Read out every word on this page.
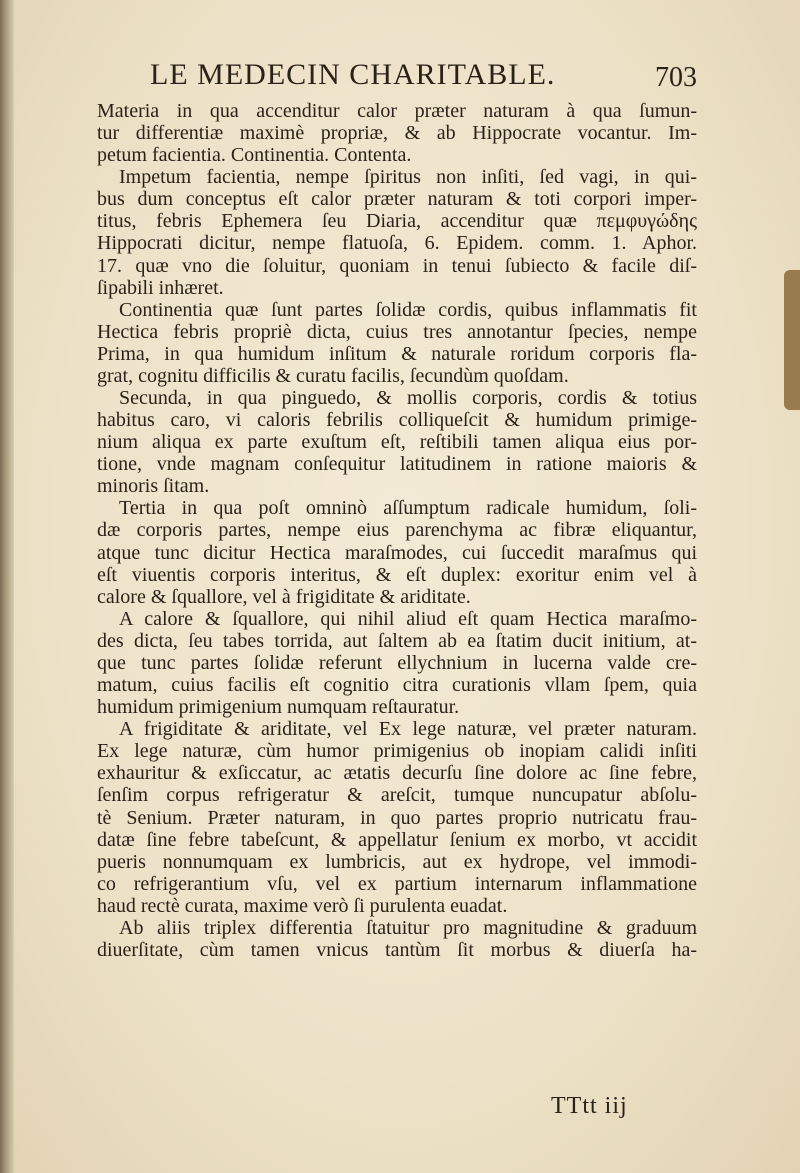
LE MEDECIN CHARITABLE.	703
Materia in qua accenditur calor præter naturam à qua ſumun-
tur differentiæ maximè propriæ, & ab Hippocrate vocantur. Im-
petum facientia. Continentia. Contenta.
Impetum facientia, nempe ſpiritus non inſiti, ſed vagi, in qui-
bus dum conceptus eſt calor præter naturam & toti corpori imper-
titus, febris Ephemera ſeu Diaria, accenditur quæ πεμφυγώδης
Hippocrati dicitur, nempe flatuoſa, 6. Epidem. comm. 1. Aphor.
17. quæ vno die ſoluitur, quoniam in tenui ſubiecto & facile diſ-
ſipabili inhæret.
Continentia quæ ſunt partes ſolidæ cordis, quibus inflammatis fit
Hectica febris propriè dicta, cuius tres annotantur ſpecies, nempe
Prima, in qua humidum inſitum & naturale roridum corporis fla-
grat, cognitu difficilis & curatu facilis, ſecundùm quoſdam.
Secunda, in qua pinguedo, & mollis corporis, cordis & totius
habitus caro, vi caloris febrilis colliqueſcit & humidum primige-
nium aliqua ex parte exuſtum eſt, reſtibili tamen aliqua eius por-
tione, vnde magnam conſequitur latitudinem in ratione maioris &
minoris ſitam.
Tertia in qua poſt omninò aſſumptum radicale humidum, ſoli-
dæ corporis partes, nempe eius parenchyma ac fibræ eliquantur,
atque tunc dicitur Hectica maraſmodes, cui ſuccedit maraſmus qui
eſt viuentis corporis interitus, & eſt duplex: exoritur enim vel à
calore & ſquallore, vel à frigiditate & ariditate.
A calore & ſquallore, qui nihil aliud eſt quam Hectica maraſmo-
des dicta, ſeu tabes torrida, aut ſaltem ab ea ſtatim ducit initium, at-
que tunc partes ſolidæ referunt ellychnium in lucerna valde cre-
matum, cuius facilis eſt cognitio citra curationis vllam ſpem, quia
humidum primigenium numquam reſtauratur.
A frigiditate & ariditate, vel Ex lege naturæ, vel præter naturam.
Ex lege naturæ, cùm humor primigenius ob inopiam calidi inſiti
exhauritur & exſiccatur, ac ætatis decurſu ſine dolore ac ſine febre,
ſenſim corpus refrigeratur & areſcit, tumque nuncupatur abſolu-
tè Senium. Præter naturam, in quo partes proprio nutricatu frau-
datæ ſine febre tabeſcunt, & appellatur ſenium ex morbo, vt accidit
pueris nonnumquam ex lumbricis, aut ex hydrope, vel immodi-
co refrigerantium vſu, vel ex partium internarum inflammatione
haud rectè curata, maxime verò ſi purulenta euadat.
Ab aliis triplex differentia ſtatuitur pro magnitudine & graduum
diuerſitate, cùm tamen vnicus tantùm ſit morbus & diuerſa ha-
TTtt iij
